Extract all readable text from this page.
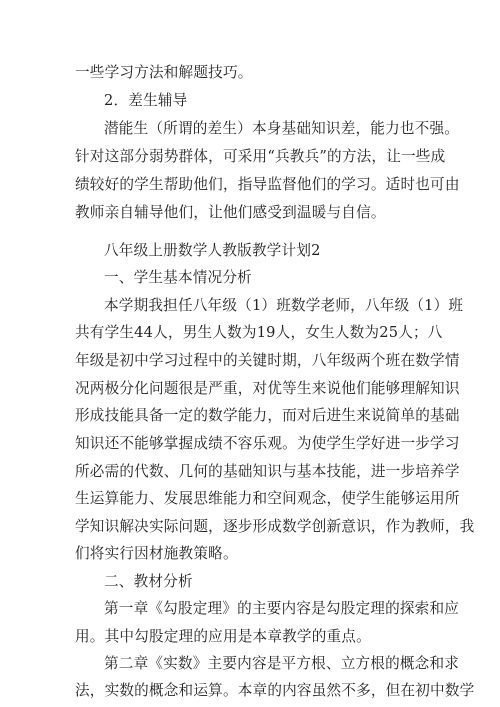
一些学习方法和解题技巧。
2．差生辅导
潜能生（所谓的差生）本身基础知识差，能力也不强。
针对这部分弱势群体，可采用“兵教兵”的方法，让一些成
绩较好的学生帮助他们，指导监督他们的学习。适时也可由
教师亲自辅导他们，让他们感受到温暖与自信。
八年级上册数学人教版教学计划2
一、学生基本情况分析
本学期我担任八年级（1）班数学老师，八年级（1）班
共有学生44人，男生人数为19人，女生人数为25人；八
年级是初中学习过程中的关键时期，八年级两个班在数学情
况两极分化问题很是严重，对优等生来说他们能够理解知识
形成技能具备一定的数学能力，而对后进生来说简单的基础
知识还不能够掌握成绩不容乐观。为使学生学好进一步学习
所必需的代数、几何的基础知识与基本技能，进一步培养学
生运算能力、发展思维能力和空间观念，使学生能够运用所
学知识解决实际问题，逐步形成数学创新意识，作为教师，我
们将实行因材施教策略。
二、教材分析
第一章《勾股定理》的主要内容是勾股定理的探索和应
用。其中勾股定理的应用是本章教学的重点。
第二章《实数》主要内容是平方根、立方根的概念和求
法，实数的概念和运算。本章的内容虽然不多，但在初中数学
